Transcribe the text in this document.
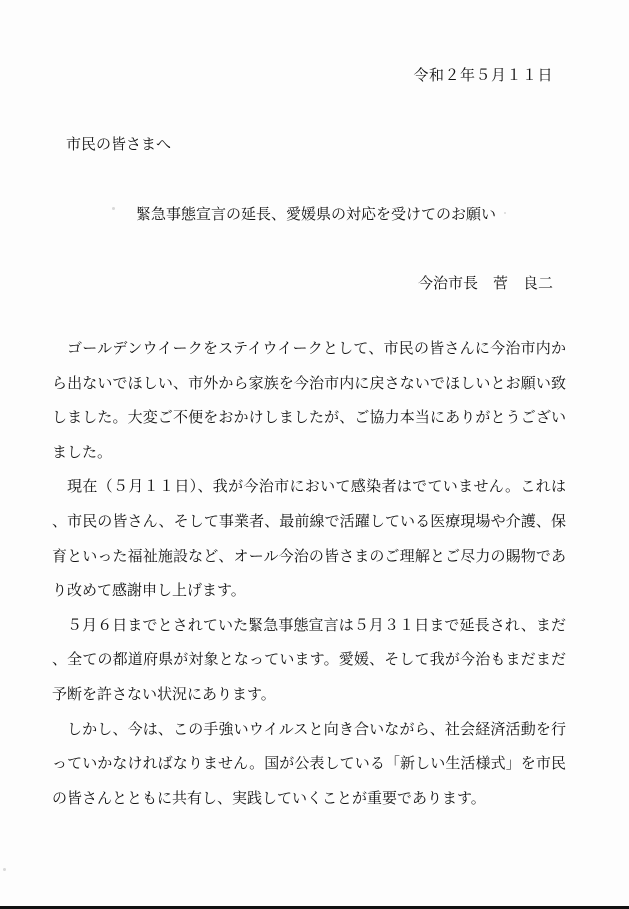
令和２年５月１１日
市民の皆さまへ
緊急事態宣言の延長、愛媛県の対応を受けてのお願い
今治市長　菅　良二

ゴールデンウイークをステイウイークとして、市民の皆さんに今治市内から出ないでほしい、市外から家族を今治市内に戻さないでほしいとお願い致しました。大変ご不便をおかけしましたが、ご協力本当にありがとうございました。

現在（５月１１日）、我が今治市において感染者はでていません。これは、市民の皆さん、そして事業者、最前線で活躍している医療現場や介護、保育といった福祉施設など、オール今治の皆さまのご理解とご尽力の賜物であり改めて感謝申し上げます。

５月６日までとされていた緊急事態宣言は５月３１日まで延長され、まだ、全ての都道府県が対象となっています。愛媛、そして我が今治もまだまだ予断を許さない状況にあります。

しかし、今は、この手強いウイルスと向き合いながら、社会経済活動を行っていかなければなりません。国が公表している「新しい生活様式」を市民の皆さんとともに共有し、実践していくことが重要であります。
